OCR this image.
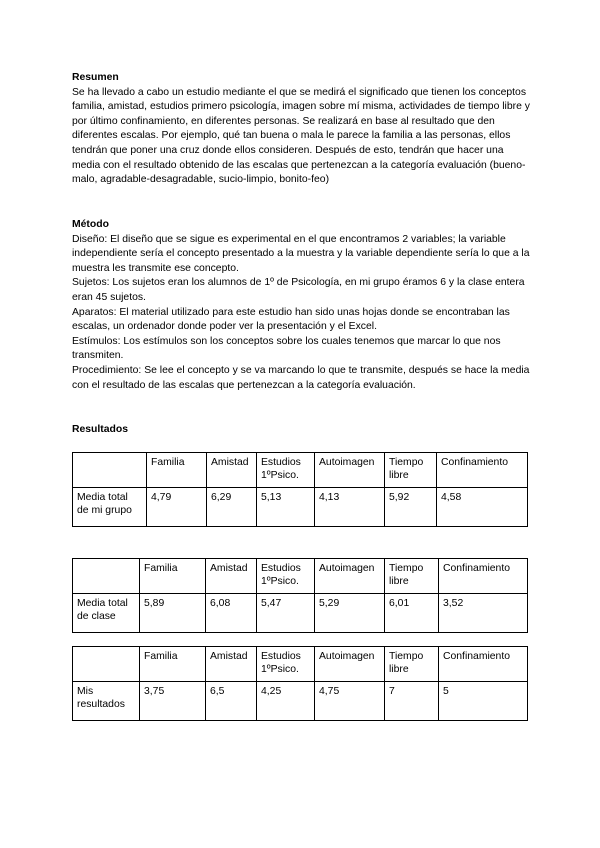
Resumen
Se ha llevado a cabo un estudio mediante el que se medirá el significado que tienen los conceptos familia, amistad, estudios primero psicología, imagen sobre mí misma, actividades de tiempo libre y por último confinamiento, en diferentes personas. Se realizará en base al resultado que den diferentes escalas. Por ejemplo, qué tan buena o mala le parece la familia a las personas, ellos tendrán que poner una cruz donde ellos consideren. Después de esto, tendrán que hacer una media con el resultado obtenido de las escalas que pertenezcan a la categoría evaluación (bueno-malo, agradable-desagradable, sucio-limpio, bonito-feo)
Método
Diseño: El diseño que se sigue es experimental en el que encontramos 2 variables; la variable independiente sería el concepto presentado a la muestra y la variable dependiente sería lo que a la muestra les transmite ese concepto.
Sujetos: Los sujetos eran los alumnos de 1º de Psicología, en mi grupo éramos 6 y la clase entera eran 45 sujetos.
Aparatos: El material utilizado para este estudio han sido unas hojas donde se encontraban las escalas, un ordenador donde poder ver la presentación y el Excel.
Estímulos: Los estímulos son los conceptos sobre los cuales tenemos que marcar lo que nos transmiten.
Procedimiento: Se lee el concepto y se va marcando lo que te transmite, después se hace la media con el resultado de las escalas que pertenezcan a la categoría evaluación.
Resultados
	Familia	Amistad	Estudios 1ºPsico.	Autoimagen	Tiempo libre	Confinamiento
Media total de mi grupo	4,79	6,29	5,13	4,13	5,92	4,58
	Familia	Amistad	Estudios 1ºPsico.	Autoimagen	Tiempo libre	Confinamiento
Media total de clase	5,89	6,08	5,47	5,29	6,01	3,52
	Familia	Amistad	Estudios 1ºPsico.	Autoimagen	Tiempo libre	Confinamiento
Mis resultados	3,75	6,5	4,25	4,75	7	5
